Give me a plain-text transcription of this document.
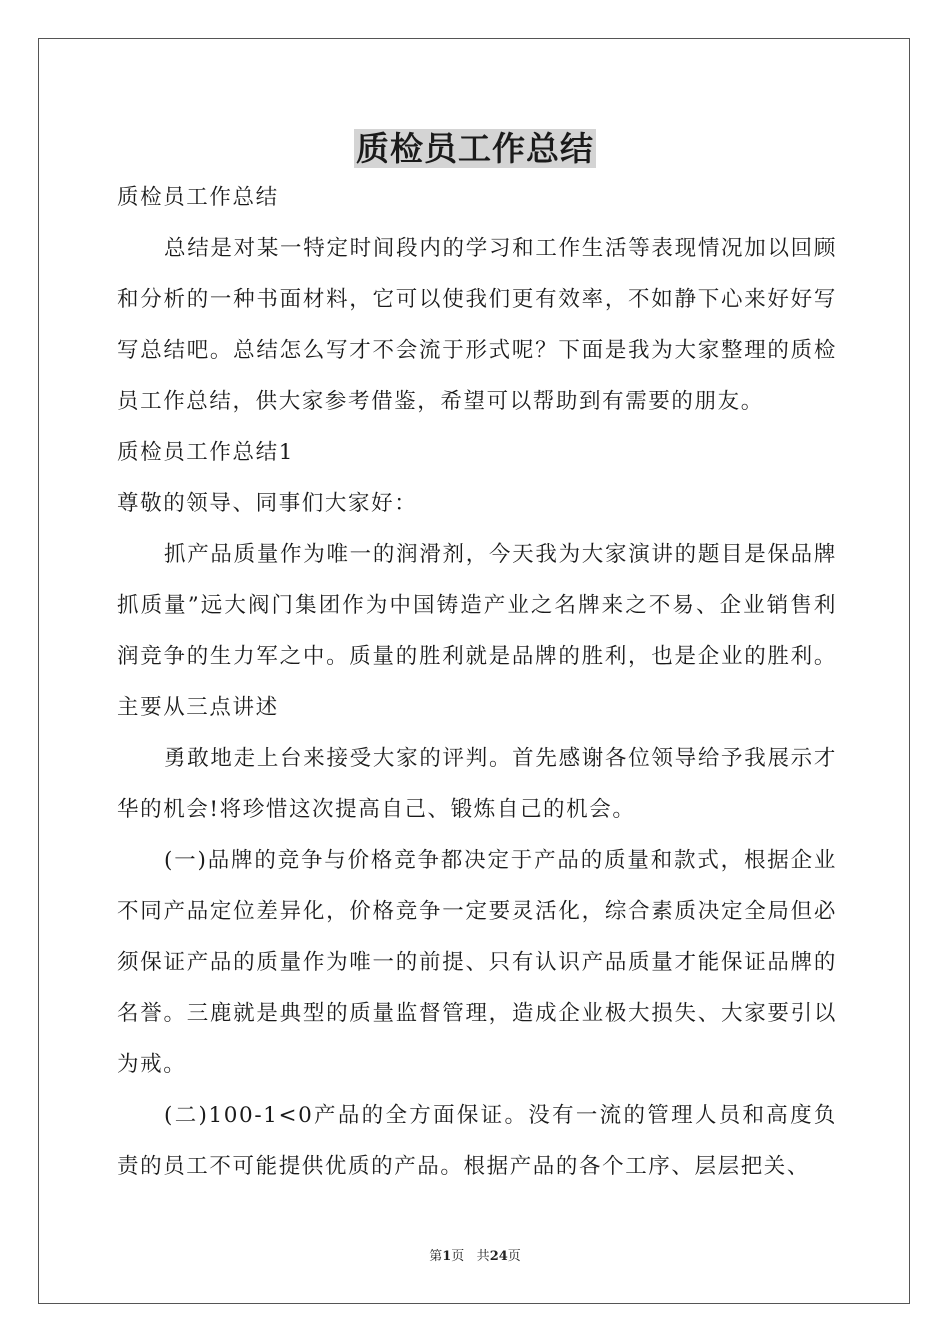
质检员工作总结

质检员工作总结

总结是对某一特定时间段内的学习和工作生活等表现情况加以回顾和分析的一种书面材料，它可以使我们更有效率，不如静下心来好好写写总结吧。总结怎么写才不会流于形式呢？下面是我为大家整理的质检员工作总结，供大家参考借鉴，希望可以帮助到有需要的朋友。

质检员工作总结1

尊敬的领导、同事们大家好：

抓产品质量作为唯一的润滑剂，今天我为大家演讲的题目是保品牌抓质量”远大阀门集团作为中国铸造产业之名牌来之不易、企业销售利润竞争的生力军之中。质量的胜利就是品牌的胜利，也是企业的胜利。主要从三点讲述

勇敢地走上台来接受大家的评判。首先感谢各位领导给予我展示才华的机会!将珍惜这次提高自己、锻炼自己的机会。

(一)品牌的竞争与价格竞争都决定于产品的质量和款式，根据企业不同产品定位差异化，价格竞争一定要灵活化，综合素质决定全局但必须保证产品的质量作为唯一的前提、只有认识产品质量才能保证品牌的名誉。三鹿就是典型的质量监督管理，造成企业极大损失、大家要引以为戒。

(二)100-1<0产品的全方面保证。没有一流的管理人员和高度负责的员工不可能提供优质的产品。根据产品的各个工序、层层把关、

第1页 共24页
